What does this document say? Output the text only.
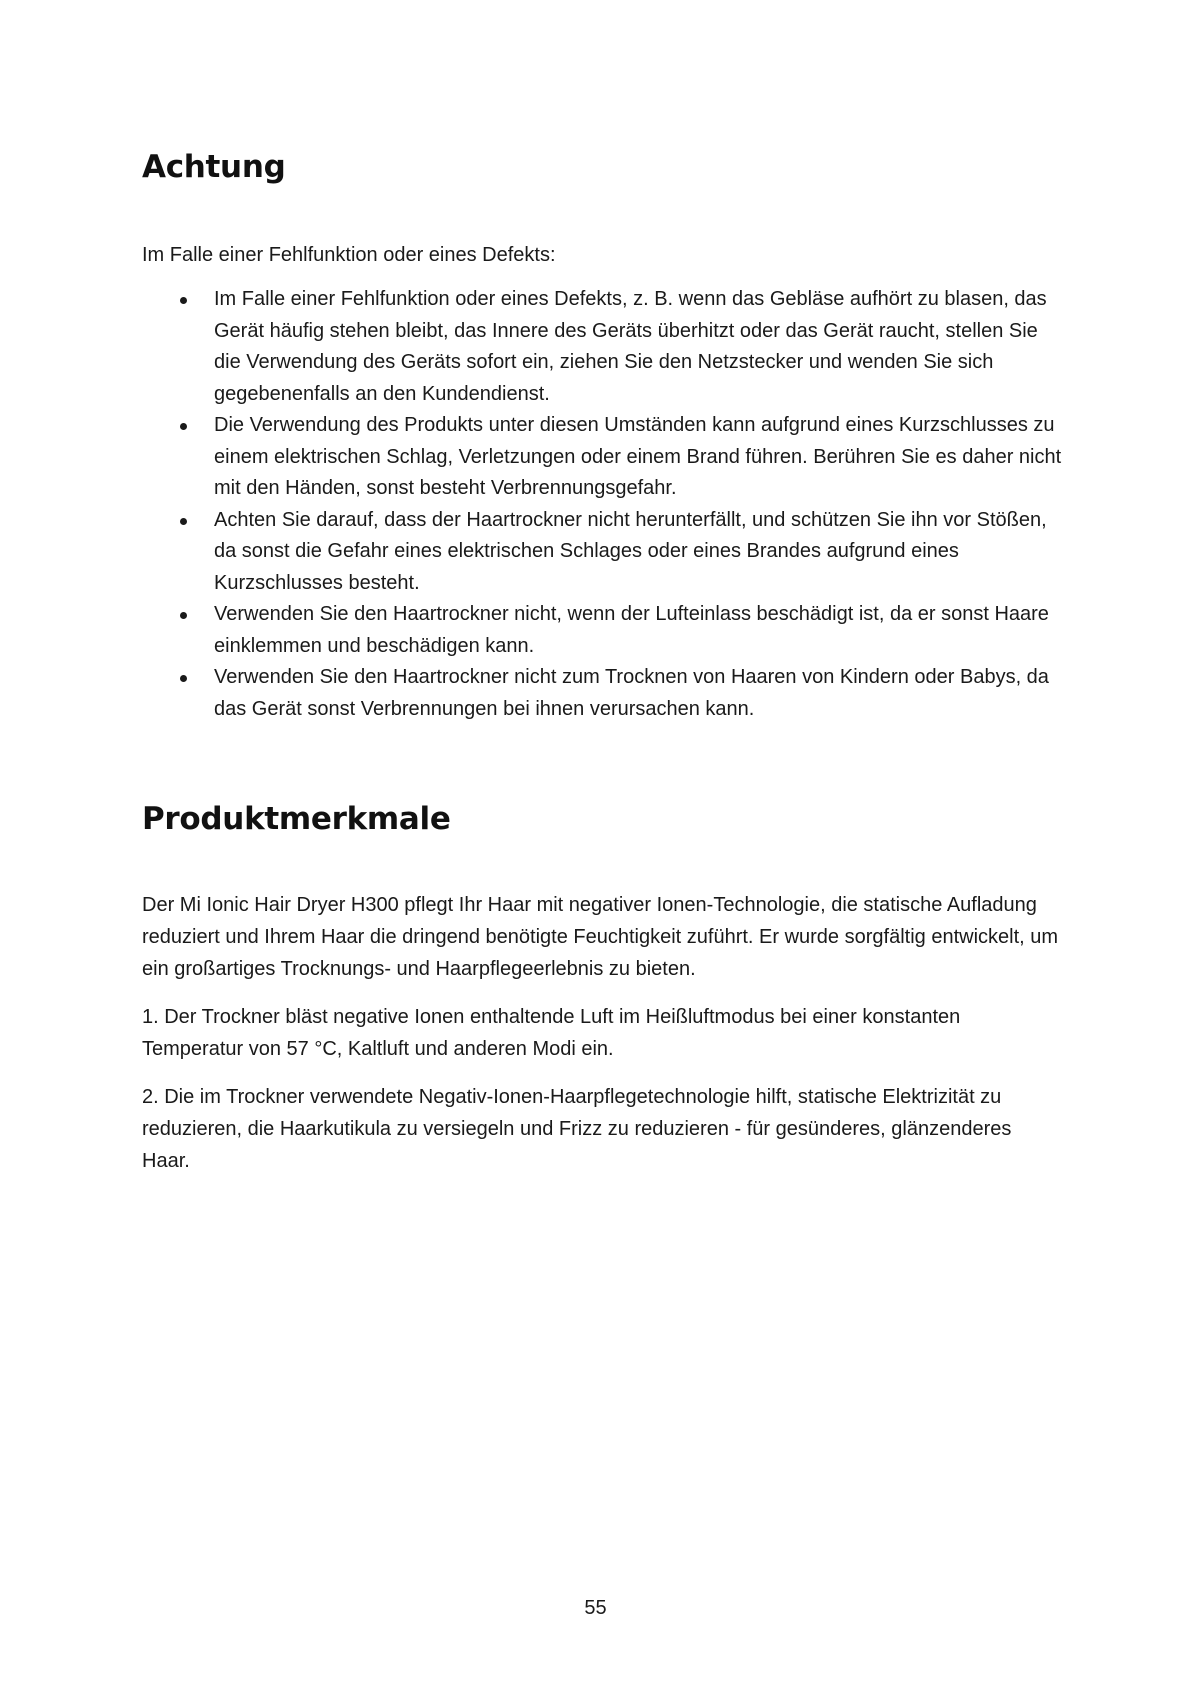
Achtung

Im Falle einer Fehlfunktion oder eines Defekts:

Im Falle einer Fehlfunktion oder eines Defekts, z. B. wenn das Gebläse aufhört zu blasen, das Gerät häufig stehen bleibt, das Innere des Geräts überhitzt oder das Gerät raucht, stellen Sie die Verwendung des Geräts sofort ein, ziehen Sie den Netzstecker und wenden Sie sich gegebenenfalls an den Kundendienst.
Die Verwendung des Produkts unter diesen Umständen kann aufgrund eines Kurzschlusses zu einem elektrischen Schlag, Verletzungen oder einem Brand führen. Berühren Sie es daher nicht mit den Händen, sonst besteht Verbrennungsgefahr.
Achten Sie darauf, dass der Haartrockner nicht herunterfällt, und schützen Sie ihn vor Stößen, da sonst die Gefahr eines elektrischen Schlages oder eines Brandes aufgrund eines Kurzschlusses besteht.
Verwenden Sie den Haartrockner nicht, wenn der Lufteinlass beschädigt ist, da er sonst Haare einklemmen und beschädigen kann.
Verwenden Sie den Haartrockner nicht zum Trocknen von Haaren von Kindern oder Babys, da das Gerät sonst Verbrennungen bei ihnen verursachen kann.
Produktmerkmale

Der Mi Ionic Hair Dryer H300 pflegt Ihr Haar mit negativer Ionen-Technologie, die statische Aufladung reduziert und Ihrem Haar die dringend benötigte Feuchtigkeit zuführt. Er wurde sorgfältig entwickelt, um ein großartiges Trocknungs- und Haarpflegeerlebnis zu bieten.

1. Der Trockner bläst negative Ionen enthaltende Luft im Heißluftmodus bei einer konstanten Temperatur von 57 °C, Kaltluft und anderen Modi ein.

2. Die im Trockner verwendete Negativ-Ionen-Haarpflegetechnologie hilft, statische Elektrizität zu reduzieren, die Haarkutikula zu versiegeln und Frizz zu reduzieren - für gesünderes, glänzenderes Haar.

55
